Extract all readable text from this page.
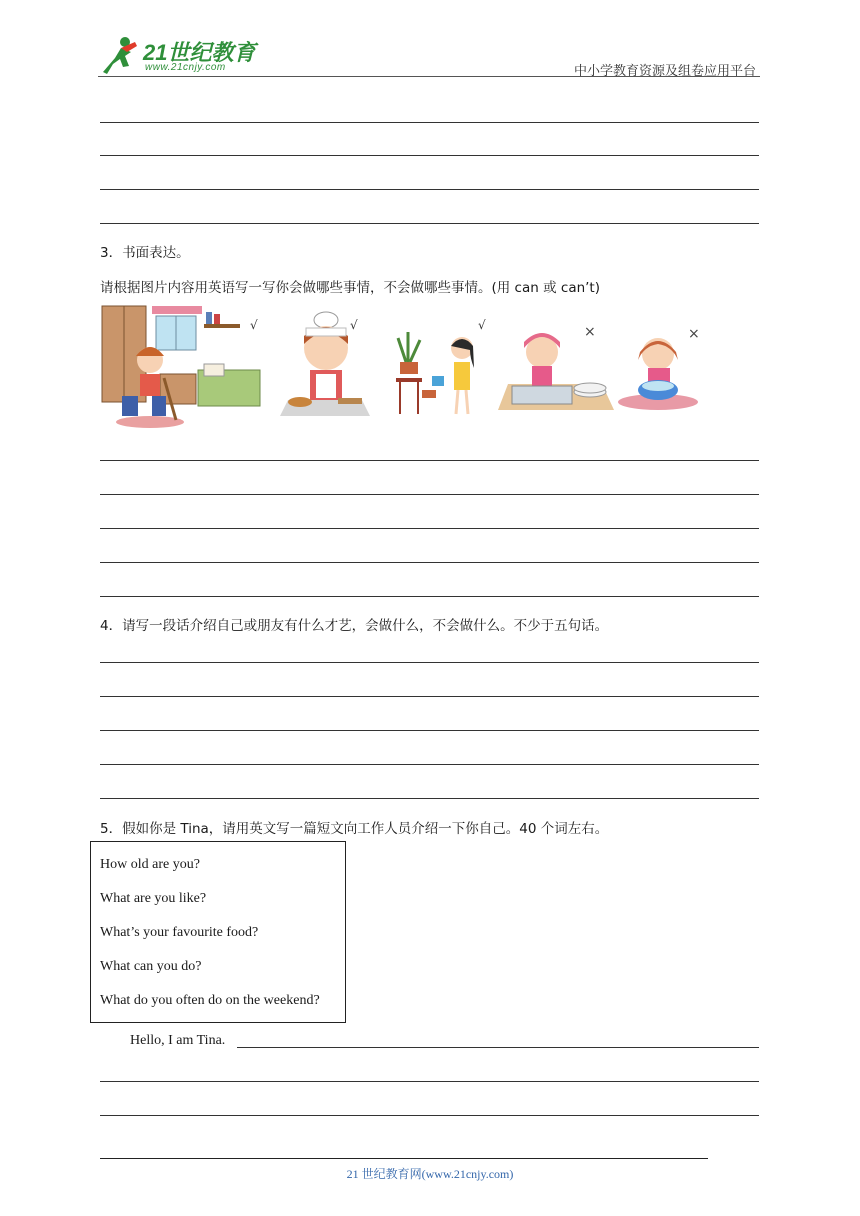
21世纪教育
www.21cnjy.com	中小学教育资源及组卷应用平台
3．书面表达。
请根据图片内容用英语写一写你会做哪些事情，不会做哪些事情。(用 can 或 can’t)
√	√	√	×	×
4．请写一段话介绍自己或朋友有什么才艺，会做什么，不会做什么。不少于五句话。
5．假如你是 Tina，请用英文写一篇短文向工作人员介绍一下你自己。40 个词左右。
How old are you?
What are you like?
What’s your favourite food?
What can you do?
What do you often do on the weekend?
Hello, I am Tina.
21 世纪教育网(www.21cnjy.com)
